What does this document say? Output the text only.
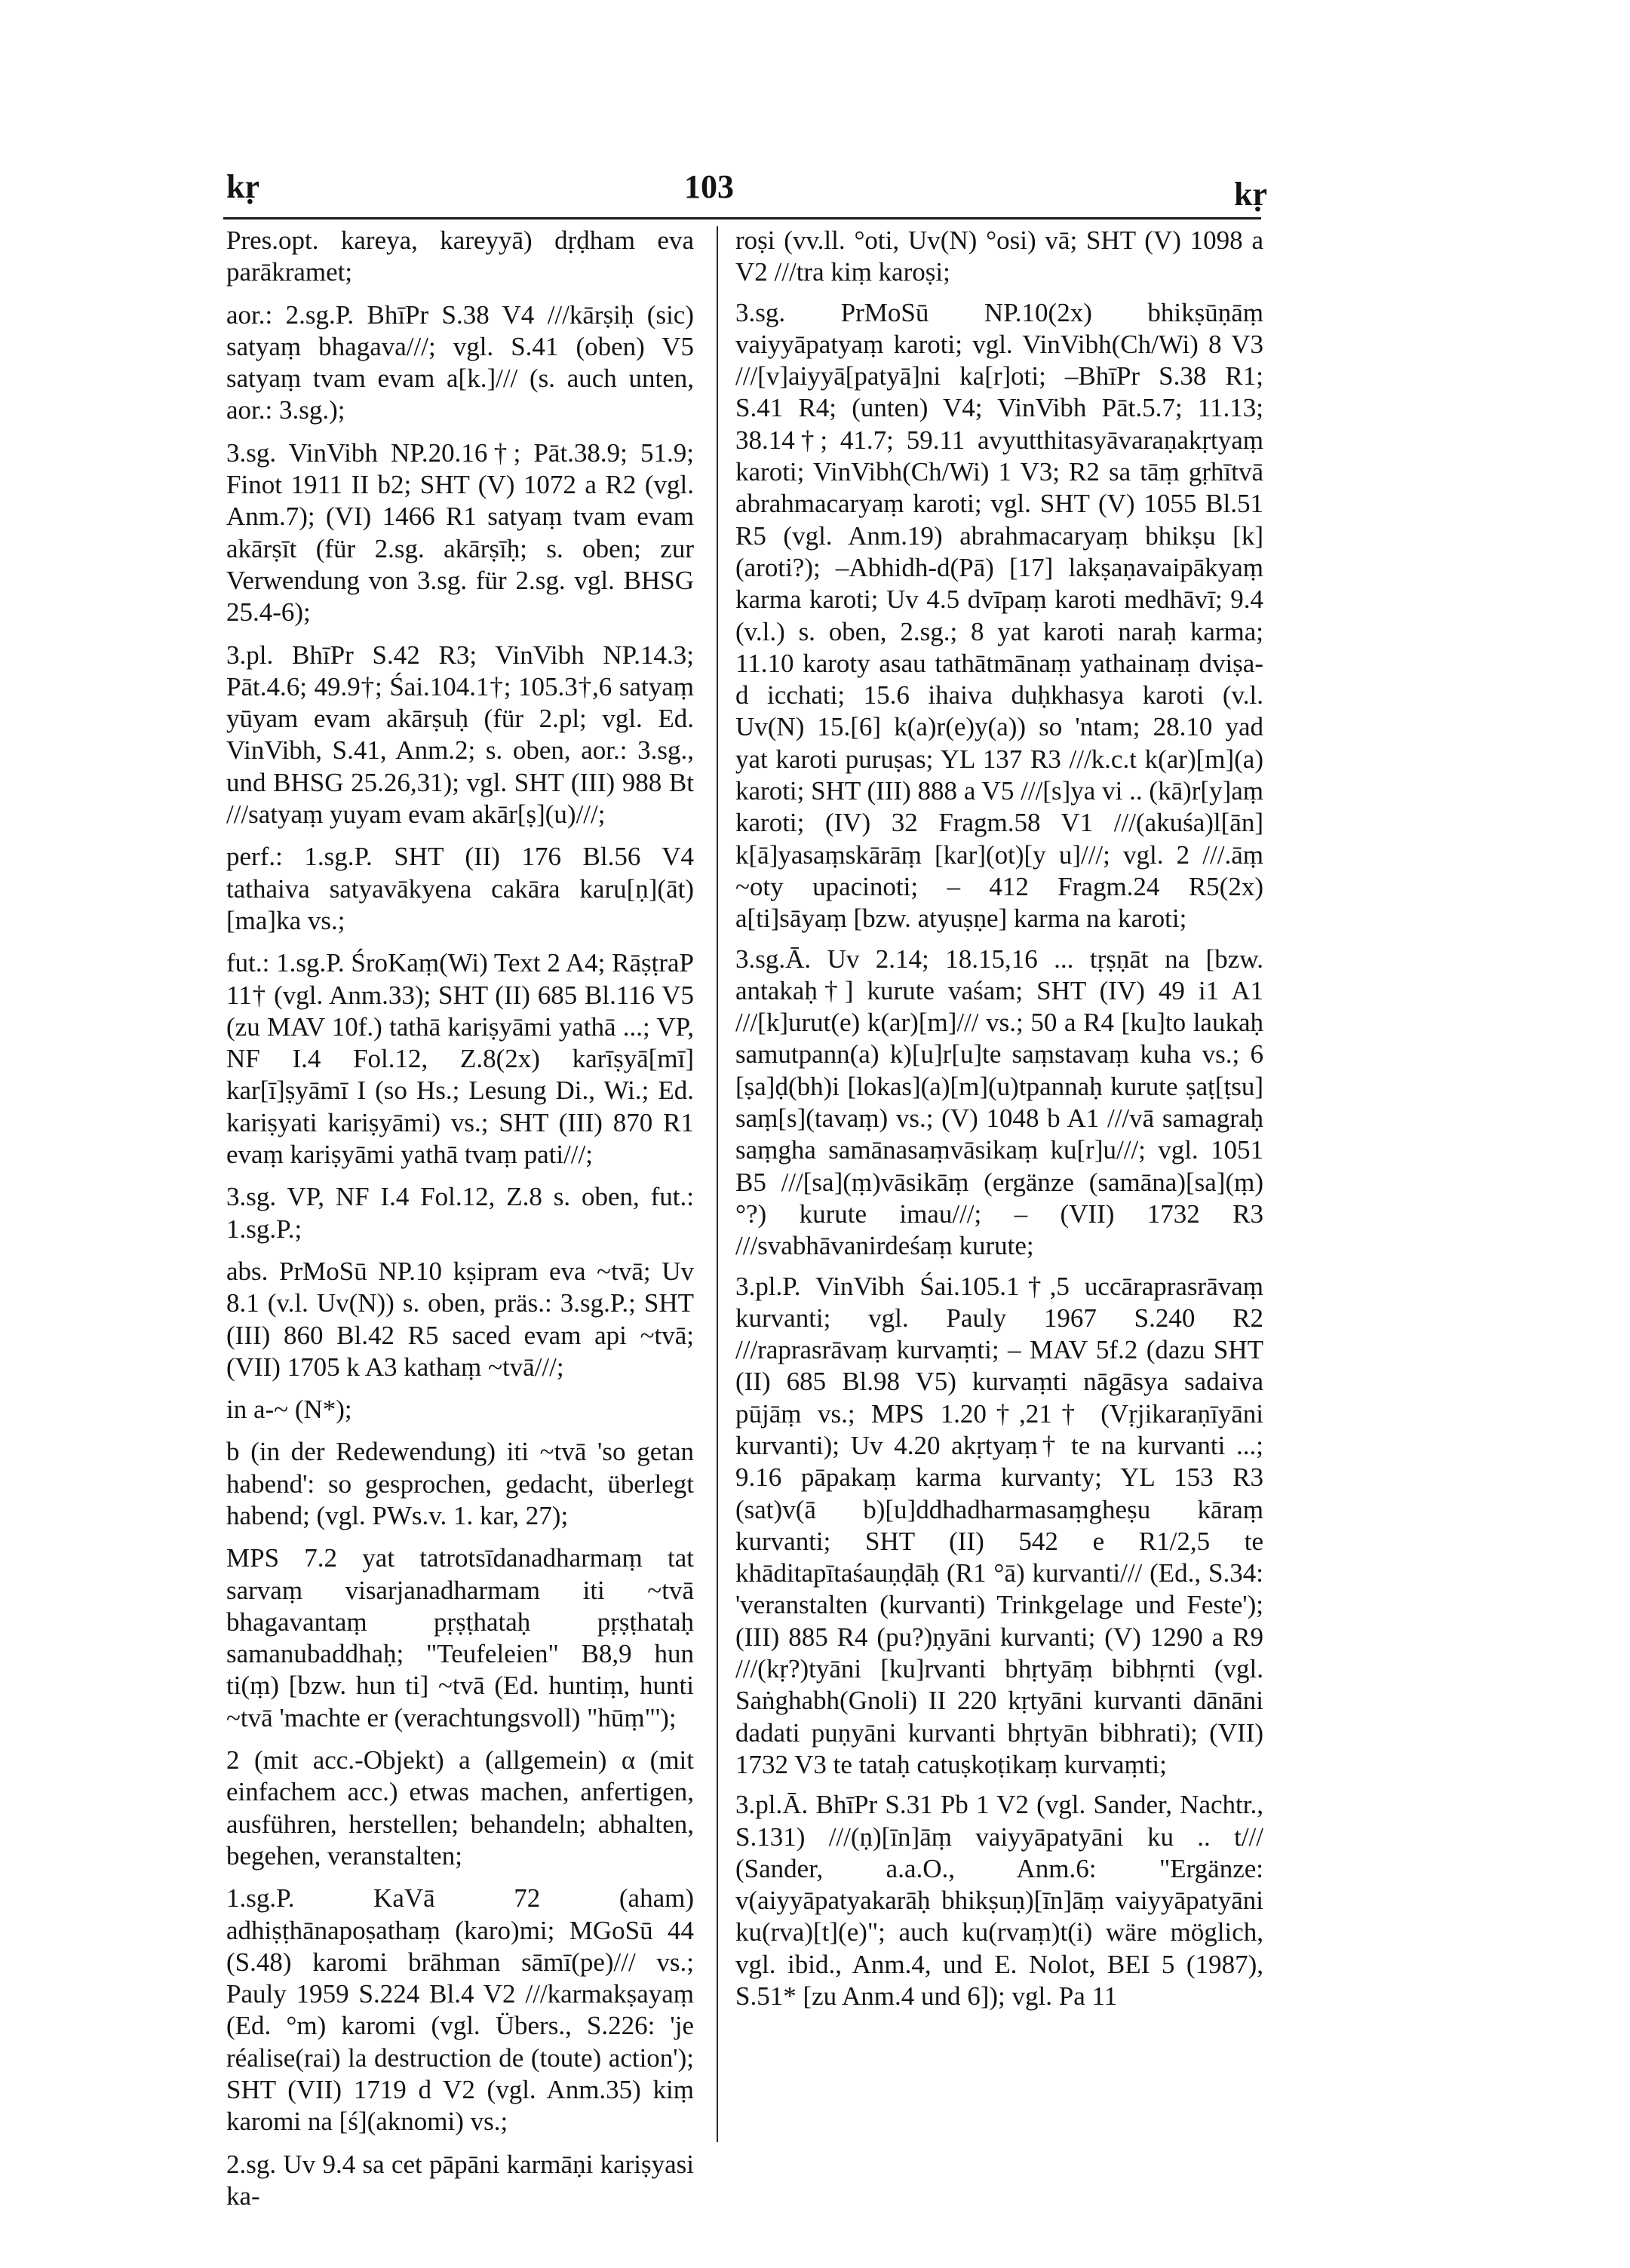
kṛ	103	kṛ

Pres.opt. kareya, kareyyā) dṛḍham eva parākramet;

aor.: 2.sg.P. BhīPr S.38 V4 ///kārṣiḥ (sic) satyaṃ bhagava///; vgl. S.41 (oben) V5 satyaṃ tvam evam a[k.]/// (s. auch unten, aor.: 3.sg.);

3.sg. VinVibh NP.20.16†; Pāt.38.9; 51.9; Finot 1911 II b2; SHT (V) 1072 a R2 (vgl. Anm.7); (VI) 1466 R1 satyaṃ tvam evam akārṣīt (für 2.sg. akārṣīḥ; s. oben; zur Verwendung von 3.sg. für 2.sg. vgl. BHSG 25.4-6);

3.pl. BhīPr S.42 R3; VinVibh NP.14.3; Pāt.4.6; 49.9†; Śai.104.1†; 105.3†,6 satyaṃ yūyam evam akārṣuḥ (für 2.pl; vgl. Ed. VinVibh, S.41, Anm.2; s. oben, aor.: 3.sg., und BHSG 25.26,31); vgl. SHT (III) 988 Bt ///satyaṃ yuyam evam akār[ṣ](u)///;

perf.: 1.sg.P. SHT (II) 176 Bl.56 V4 tathaiva satyavākyena cakāra karu[ṇ](āt)[ma]ka vs.;

fut.: 1.sg.P. ŚroKaṃ(Wi) Text 2 A4; RāṣṭraP 11† (vgl. Anm.33); SHT (II) 685 Bl.116 V5 (zu MAV 10f.) tathā kariṣyāmi yathā ...; VP, NF I.4 Fol.12, Z.8(2x) karīṣyā[mī] kar[ī]ṣyāmī I (so Hs.; Lesung Di., Wi.; Ed. kariṣyati kariṣyāmi) vs.; SHT (III) 870 R1 evaṃ kariṣyāmi yathā tvaṃ pati///;

3.sg. VP, NF I.4 Fol.12, Z.8 s. oben, fut.: 1.sg.P.;

abs. PrMoSū NP.10 kṣipram eva ~tvā; Uv 8.1 (v.l. Uv(N)) s. oben, präs.: 3.sg.P.; SHT (III) 860 Bl.42 R5 saced evam api ~tvā; (VII) 1705 k A3 kathaṃ ~tvā///;

in a-~ (N*);

b (in der Redewendung) iti ~tvā 'so getan habend': so gesprochen, gedacht, überlegt habend; (vgl. PWs.v. 1. kar, 27);

MPS 7.2 yat tatrotsīdanadharmaṃ tat sarvaṃ visarjanadharmam iti ~tvā bhagavantaṃ pṛṣṭhataḥ pṛṣṭhataḥ samanubaddhaḥ; "Teufeleien" B8,9 hun ti(ṃ) [bzw. hun ti] ~tvā (Ed. huntiṃ, hunti ~tvā 'machte er (verachtungsvoll) "hūṃ"');

2 (mit acc.-Objekt) a (allgemein) α (mit einfachem acc.) etwas machen, anfertigen, ausführen, herstellen; behandeln; abhalten, begehen, veranstalten;

1.sg.P. KaVā 72 (aham) adhiṣṭhānapoṣathaṃ (karo)mi; MGoSū 44 (S.48) karomi brāhman sāmī(pe)/// vs.; Pauly 1959 S.224 Bl.4 V2 ///karmakṣayaṃ (Ed. °m) karomi (vgl. Übers., S.226: 'je réalise(rai) la destruction de (toute) action'); SHT (VII) 1719 d V2 (vgl. Anm.35) kiṃ karomi na [ś](aknomi) vs.;

2.sg. Uv 9.4 sa cet pāpāni karmāṇi kariṣyasi ka-

roṣi (vv.ll. °oti, Uv(N) °osi) vā; SHT (V) 1098 a V2 ///tra kiṃ karoṣi;

3.sg. PrMoSū NP.10(2x) bhikṣūṇāṃ vaiyyāpatyaṃ karoti; vgl. VinVibh(Ch/Wi) 8 V3 ///[v]aiyyā[patyā]ni ka[r]oti; –BhīPr S.38 R1; S.41 R4; (unten) V4; VinVibh Pāt.5.7; 11.13; 38.14†; 41.7; 59.11 avyutthitasyāvaraṇakṛtyaṃ karoti; VinVibh(Ch/Wi) 1 V3; R2 sa tāṃ gṛhītvā abrahmacaryaṃ karoti; vgl. SHT (V) 1055 Bl.51 R5 (vgl. Anm.19) abrahmacaryaṃ bhikṣu [k](aroti?); –Abhidh-d(Pā) [17] lakṣaṇavaipākyaṃ karma karoti; Uv 4.5 dvīpaṃ karoti medhāvī; 9.4 (v.l.) s. oben, 2.sg.; 8 yat karoti naraḥ karma; 11.10 karoty asau tathātmānaṃ yathainaṃ dviṣa-d icchati; 15.6 ihaiva duḥkhasya karoti (v.l. Uv(N) 15.[6] k(a)r(e)y(a)) so 'ntam; 28.10 yad yat karoti puruṣas; YL 137 R3 ///k.c.t k(ar)[m](a) karoti; SHT (III) 888 a V5 ///[s]ya vi .. (kā)r[y]aṃ karoti; (IV) 32 Fragm.58 V1 ///(akuśa)l[ān] k[ā]yasaṃskārāṃ [kar](ot)[y u]///; vgl. 2 ///.āṃ ~oty upacinoti; – 412 Fragm.24 R5(2x) a[ti]sāyaṃ [bzw. atyuṣṇe] karma na karoti;

3.sg.Ā. Uv 2.14; 18.15,16 ... tṛṣṇāt na [bzw. antakaḥ†] kurute vaśam; SHT (IV) 49 i1 A1 ///[k]urut(e) k(ar)[m]/// vs.; 50 a R4 [ku]to laukaḥ samutpann(a) k)[u]r[u]te saṃstavaṃ kuha vs.; 6 [ṣa]ḍ(bh)i [lokas](a)[m](u)tpannaḥ kurute ṣaṭ[ṭsu] saṃ[s](tavaṃ) vs.; (V) 1048 b A1 ///vā samagraḥ saṃgha samānasaṃvāsikaṃ ku[r]u///; vgl. 1051 B5 ///[sa](ṃ)vāsikāṃ (ergänze (samāna)[sa](ṃ)°?) kurute imau///; – (VII) 1732 R3 ///svabhāvanirdeśaṃ kurute;

3.pl.P. VinVibh Śai.105.1†,5 uccāraprasrāvaṃ kurvanti; vgl. Pauly 1967 S.240 R2 ///raprasrāvaṃ kurvaṃti; – MAV 5f.2 (dazu SHT (II) 685 Bl.98 V5) kurvaṃti nāgāsya sadaiva pūjāṃ vs.; MPS 1.20†,21† (Vṛjikaraṇīyāni kurvanti); Uv 4.20 akṛtyaṃ† te na kurvanti ...; 9.16 pāpakaṃ karma kurvanty; YL 153 R3 (sat)v(ā b)[u]ddhadharmasaṃgheṣu kāraṃ kurvanti; SHT (II) 542 e R1/2,5 te khāditapītaśauṇḍāḥ (R1 °ā) kurvanti/// (Ed., S.34: 'veranstalten (kurvanti) Trinkgelage und Feste'); (III) 885 R4 (pu?)ṇyāni kurvanti; (V) 1290 a R9 ///(kṛ?)tyāni [ku]rvanti bhṛtyāṃ bibhṛnti (vgl. Saṅghabh(Gnoli) II 220 kṛtyāni kurvanti dānāni dadati puṇyāni kurvanti bhṛtyān bibhrati); (VII) 1732 V3 te tataḥ catuṣkoṭikaṃ kurvaṃti;

3.pl.Ā. BhīPr S.31 Pb 1 V2 (vgl. Sander, Nachtr., S.131) ///(ṇ)[īn]āṃ vaiyyāpatyāni ku .. t/// (Sander, a.a.O., Anm.6: "Ergänze: v(aiyyāpatyakarāḥ bhikṣuṇ)[īn]āṃ vaiyyāpatyāni ku(rva)[t](e)"; auch ku(rvaṃ)t(i) wäre möglich, vgl. ibid., Anm.4, und E. Nolot, BEI 5 (1987), S.51* [zu Anm.4 und 6]); vgl. Pa 11
